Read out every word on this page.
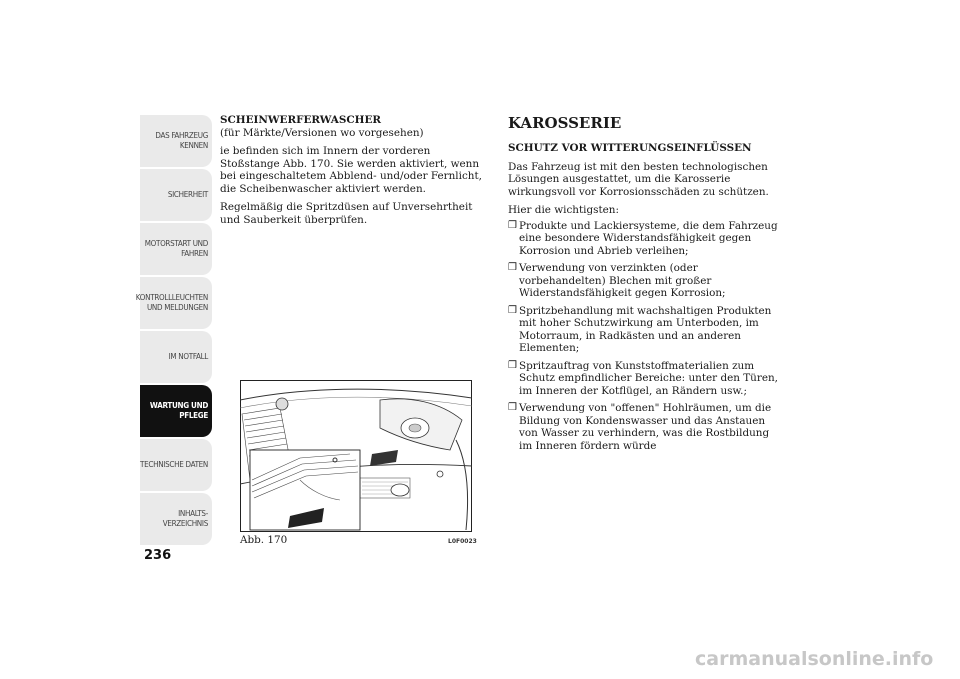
DAS FAHRZEUG KENNEN
SICHERHEIT
MOTORSTART UND FAHREN
KONTROLLLEUCHTEN UND MELDUNGEN
IM NOTFALL
WARTUNG UND PFLEGE
TECHNISCHE DATEN
INHALTS- VERZEICHNIS
236

SCHEINWERFERWASCHER

(für Märkte/Versionen wo vorgesehen)

ie befinden sich im Innern der vorderen Stoßstange Abb. 170. Sie werden aktiviert, wenn bei eingeschaltetem Abblend- und/oder Fernlicht, die Scheibenwascher aktiviert werden.

Regelmäßig die Spritzdüsen auf Unversehrtheit und Sauberkeit überprüfen.

Abb. 170	L0F0023
KAROSSERIE
SCHUTZ VOR WITTERUNGSEINFLÜSSEN

Das Fahrzeug ist mit den besten technologischen Lösungen ausgestattet, um die Karosserie wirkungsvoll vor Korrosionsschäden zu schützen.

Hier die wichtigsten:

❒ Produkte und Lackiersysteme, die dem Fahrzeug eine besondere Widerstandsfähigkeit gegen Korrosion und Abrieb verleihen;
❒ Verwendung von verzinkten (oder vorbehandelten) Blechen mit großer Widerstandsfähigkeit gegen Korrosion;
❒ Spritzbehandlung mit wachshaltigen Produkten mit hoher Schutzwirkung am Unterboden, im Motorraum, in Radkästen und an anderen Elementen;
❒ Spritzauftrag von Kunststoffmaterialien zum Schutz empfindlicher Bereiche: unter den Türen, im Inneren der Kotflügel, an Rändern usw.;
❒ Verwendung von "offenen" Hohlräumen, um die Bildung von Kondenswasser und das Anstauen von Wasser zu verhindern, was die Rostbildung im Inneren fördern würde
carmanualsonline.info
